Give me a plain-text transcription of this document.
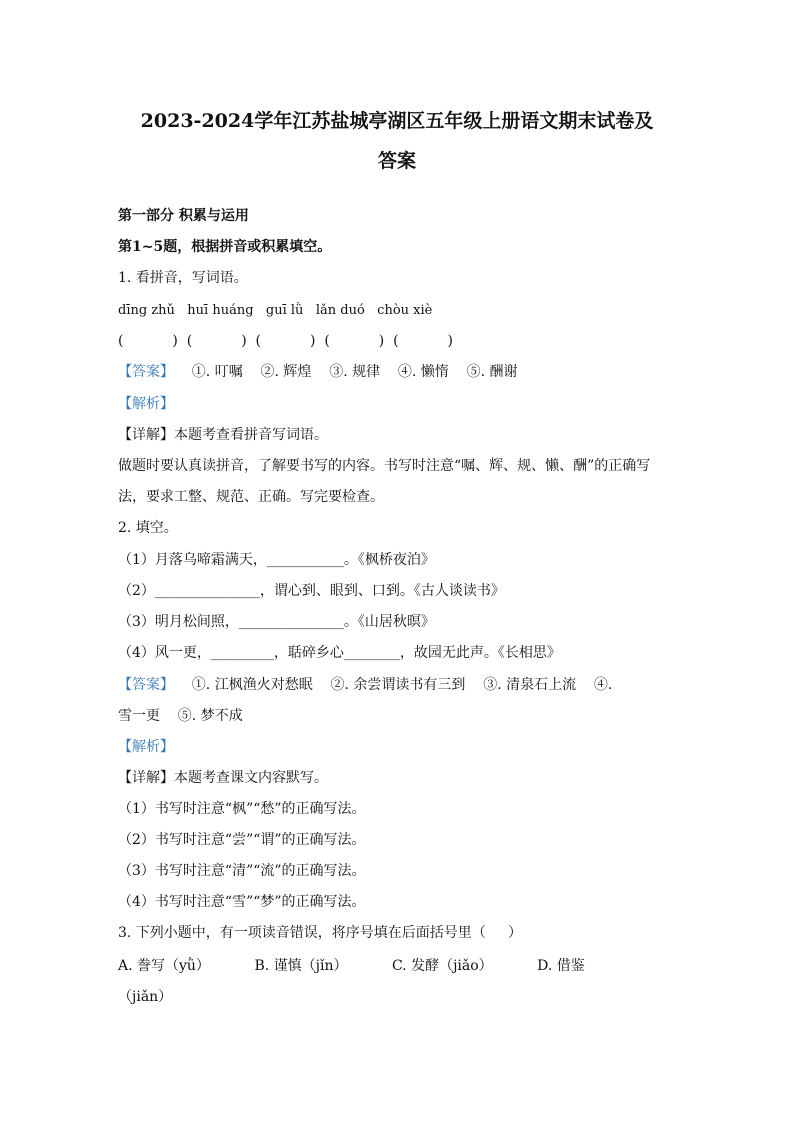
2023-2024学年江苏盐城亭湖区五年级上册语文期末试卷及
答案
第一部分 积累与运用
第1~5题，根据拼音或积累填空。
1. 看拼音，写词语。
dīng zhǔ   huī huáng   guī lǜ   lǎn duó   chòu xiè
(           )  (           )  (           )  (           )  (           )
【答案】    ①. 叮嘱    ②. 辉煌    ③. 规律    ④. 懒惰    ⑤. 酬谢
【解析】
【详解】本题考查看拼音写词语。
做题时要认真读拼音，了解要书写的内容。书写时注意“嘱、辉、规、懒、酬”的正确写
法，要求工整、规范、正确。写完要检查。
2. 填空。
（1）月落乌啼霜满天，___________。《枫桥夜泊》
（2）_______________，谓心到、眼到、口到。《古人谈读书》
（3）明月松间照，_______________。《山居秋暝》
（4）风一更，_________，聒碎乡心________，故园无此声。《长相思》
【答案】    ①. 江枫渔火对愁眠    ②. 余尝谓读书有三到    ③. 清泉石上流    ④.
雪一更    ⑤. 梦不成
【解析】
【详解】本题考查课文内容默写。
（1）书写时注意“枫”“愁”的正确写法。
（2）书写时注意“尝”“谓”的正确写法。
（3）书写时注意“清”“流”的正确写法。
（4）书写时注意“雪”“梦”的正确写法。
3. 下列小题中，有一项读音错误，将序号填在后面括号里（     ）
A. 誊写（yǜ）          B. 谨慎（jǐn）          C. 发酵（jiǎo）          D. 借鉴
（jiǎn）
